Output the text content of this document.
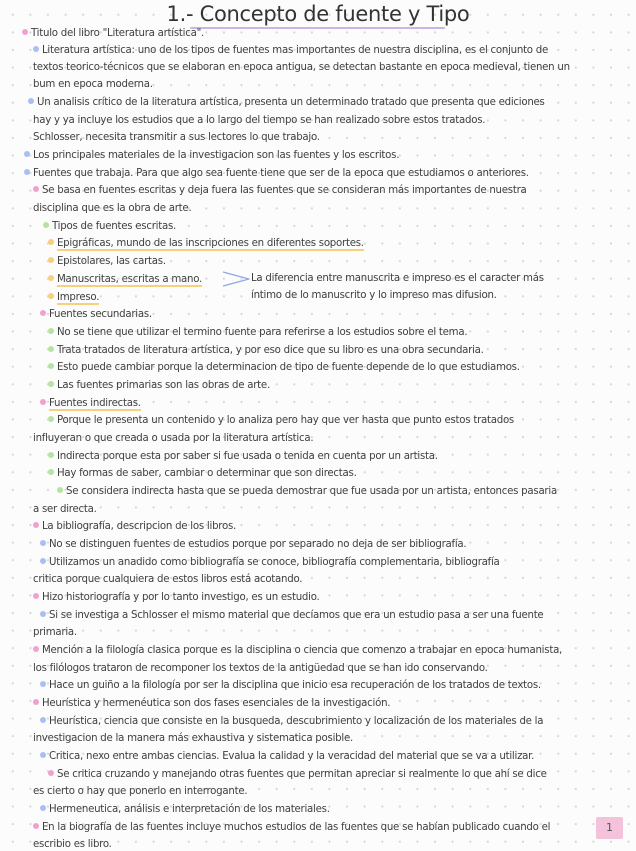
1.- Concepto de fuente y Tipo
Titulo del libro "Literatura artística".
Literatura artística: uno de los tipos de fuentes mas importantes de nuestra disciplina, es el conjunto de
textos teorico-técnicos que se elaboran en epoca antigua, se detectan bastante en epoca medieval, tienen un
bum en epoca moderna.
Un analisis crítico de la literatura artística, presenta un determinado tratado que presenta que ediciones
hay y ya incluye los estudios que a lo largo del tiempo se han realizado sobre estos tratados.
Schlosser, necesita transmitir a sus lectores lo que trabajo.
Los principales materiales de la investigacion son las fuentes y los escritos.
Fuentes que trabaja. Para que algo sea fuente tiene que ser de la epoca que estudiamos o anteriores.
Se basa en fuentes escritas y deja fuera las fuentes que se consideran más importantes de nuestra
disciplina que es la obra de arte.
Tipos de fuentes escritas.
Epigráficas, mundo de las inscripciones en diferentes soportes.
Epistolares, las cartas.
Manuscritas, escritas a mano.
Impreso.
Fuentes secundarias.
No se tiene que utilizar el termino fuente para referirse a los estudios sobre el tema.
Trata tratados de literatura artística, y por eso dice que su libro es una obra secundaria.
Esto puede cambiar porque la determinacion de tipo de fuente depende de lo que estudiamos.
Las fuentes primarias son las obras de arte.
Fuentes indirectas.
Porque le presenta un contenido y lo analiza pero hay que ver hasta que punto estos tratados
influyeran o que creada o usada por la literatura artística.
Indirecta porque esta por saber si fue usada o tenida en cuenta por un artista.
Hay formas de saber, cambiar o determinar que son directas.
Se considera indirecta hasta que se pueda demostrar que fue usada por un artista, entonces pasaria
a ser directa.
La bibliografía, descripcion de los libros.
No se distinguen fuentes de estudios porque por separado no deja de ser bibliografía.
Utilizamos un anadido como bibliografía se conoce, bibliografía complementaria, bibliografía
critica porque cualquiera de estos libros está acotando.
Hizo historiografía y por lo tanto investigo, es un estudio.
Si se investiga a Schlosser el mismo material que decíamos que era un estudio pasa a ser una fuente
primaria.
Mención a la filología clasica porque es la disciplina o ciencia que comenzo a trabajar en epoca humanista,
los filólogos trataron de recomponer los textos de la antigüedad que se han ido conservando.
Hace un guiño a la filología por ser la disciplina que inicio esa recuperación de los tratados de textos.
Heurística y hermenéutica son dos fases esenciales de la investigación.
Heurística, ciencia que consiste en la busqueda, descubrimiento y localización de los materiales de la
investigacion de la manera más exhaustiva y sistematica posible.
Critica, nexo entre ambas ciencias. Evalua la calidad y la veracidad del material que se va a utilizar.
Se critica cruzando y manejando otras fuentes que permitan apreciar si realmente lo que ahí se dice
es cierto o hay que ponerlo en interrogante.
Hermeneutica, análisis e interpretación de los materiales.
En la biografía de las fuentes incluye muchos estudios de las fuentes que se habían publicado cuando el
escribio es libro.
La diferencia entre manuscrita e impreso es el caracter más
íntimo de lo manuscrito y lo impreso mas difusion.
1
